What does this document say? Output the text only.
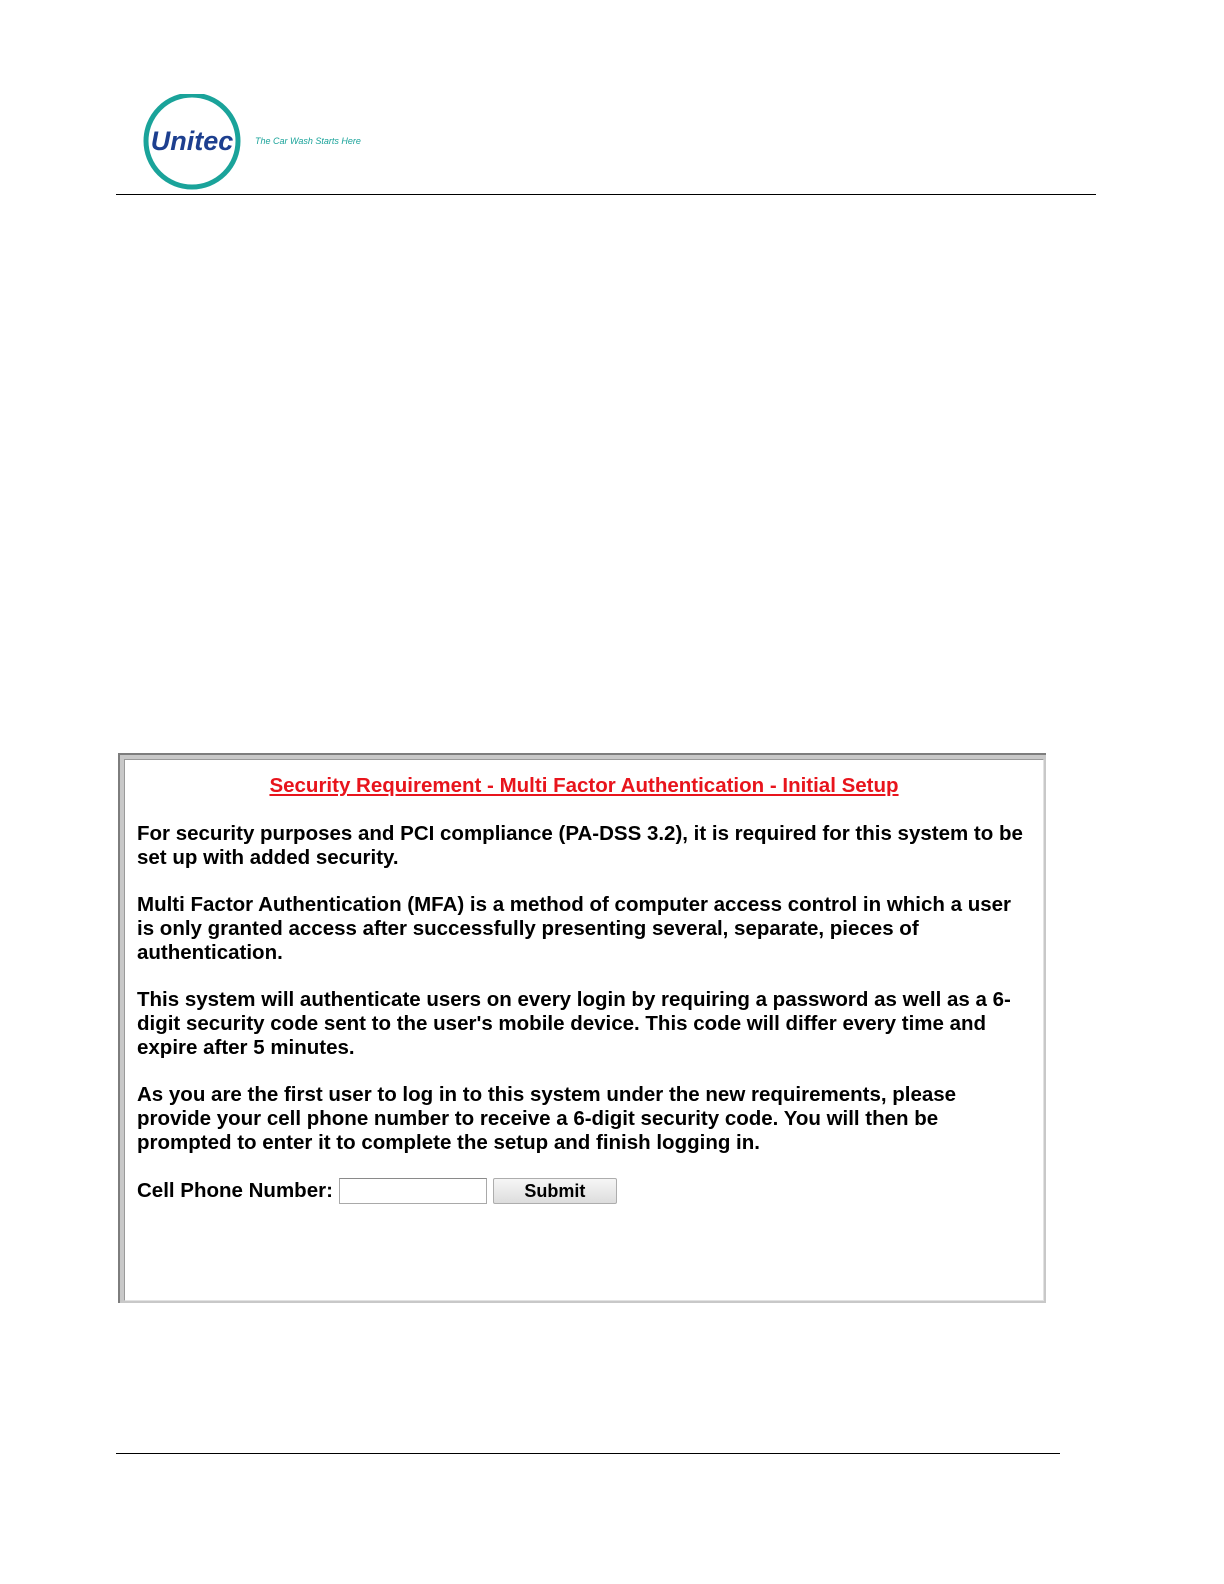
Unitec The Car Wash Starts Here
Security Requirement - Multi Factor Authentication - Initial Setup

For security purposes and PCI compliance (PA-DSS 3.2), it is required for this system to be set up with added security.

Multi Factor Authentication (MFA) is a method of computer access control in which a user is only granted access after successfully presenting several, separate, pieces of authentication.

This system will authenticate users on every login by requiring a password as well as a 6-digit security code sent to the user's mobile device. This code will differ every time and expire after 5 minutes.

As you are the first user to log in to this system under the new requirements, please provide your cell phone number to receive a 6-digit security code. You will then be prompted to enter it to complete the setup and finish logging in.

Cell Phone Number:	Submit
